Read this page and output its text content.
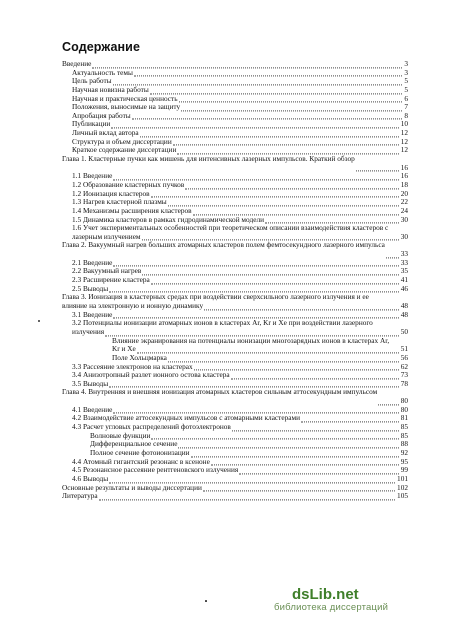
Содержание
Введение	3
Актуальность темы	3
Цель работы	5
Научная новизна работы	5
Научная и практическая ценность	6
Положения, выносимые на защиту	7
Апробация работы	8
Публикации	10
Личный вклад автора	12
Структура и объем диссертации	12
Краткое содержание диссертации	12
Глава 1. Кластерные пучки как мишень для интенсивных лазерных импульсов. Краткий обзор
16
1.1 Введение	16
1.2 Образование кластерных пучков	18
1.2 Ионизация кластеров	20
1.3 Нагрев кластерной плазмы	22
1.4 Механизмы расширения кластеров	24
1.5 Динамика кластеров в рамках гидродинамической модели	30
1.6 Учет экспериментальных особенностей при теоретическом описании взаимодействия кластеров с лазерным излучением	30
Глава 2. Вакуумный нагрев больших атомарных кластеров полем фемтосекундного лазерного импульса
33
2.1 Введение	33
2.2 Вакуумный нагрев	35
2.3 Расширение кластера	41
2.5 Выводы	46
Глава 3. Ионизация в кластерных средах при воздействии сверхсильного лазерного излучения и ее влияние на электронную и ионную динамику	48
3.1 Введение	48
3.2 Потенциалы ионизации атомарных ионов в кластерах Ar, Kr и Xe при воздействии лазерного излучения	50
Влияние экранирования на потенциалы ионизации многозарядных ионов в кластерах Ar, Kr и Xe	51
Поле Хольцмарка	56
3.3 Рассеяние электронов на кластерах	62
3.4 Анизотропный разлет ионного остова кластера	73
3.5 Выводы	78
Глава 4. Внутренняя и внешняя ионизация атомарных кластеров сильным аттосекундным импульсом
80
4.1 Введение	80
4.2 Взаимодействие аттосекундных импульсов с атомарными кластерами	81
4.3 Расчет угловых распределений фотоэлектронов	85
Волновые функции	85
Дифференциальное сечение	88
Полное сечение фотоионизации	92
4.4 Атомный гигантский резонанс в ксеноне	95
4.5 Резонансное рассеяние рентгеновского излучения	99
4.6 Выводы	101
Основные результаты и выводы диссертации	102
Литература	105
dsLib.net
библиотека диссертаций
